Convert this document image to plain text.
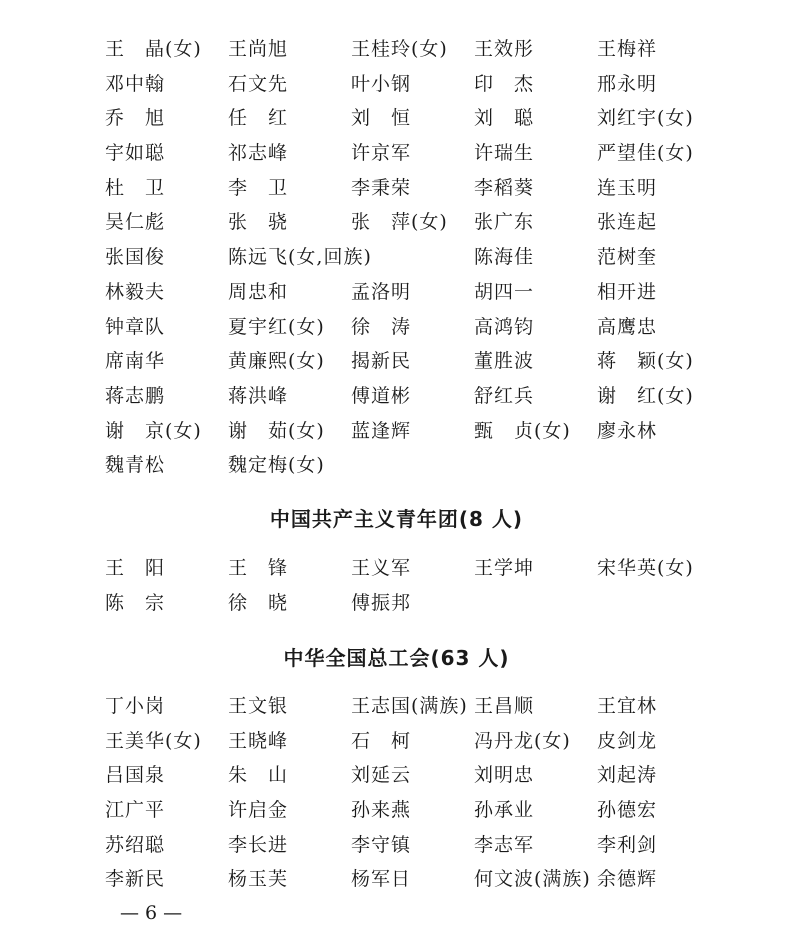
王　晶(女)	王尚旭	王桂玲(女)	王效彤	王梅祥
邓中翰	石文先	叶小钢	印　杰	邢永明
乔　旭	任　红	刘　恒	刘　聪	刘红宇(女)
宇如聪	祁志峰	许京军	许瑞生	严望佳(女)
杜　卫	李　卫	李秉荣	李稻葵	连玉明
吴仁彪	张　骁	张　萍(女)	张广东	张连起
张国俊	陈远飞(女,回族)	陈海佳	范树奎
林毅夫	周忠和	孟洛明	胡四一	相开进
钟章队	夏宇红(女)	徐　涛	高鸿钧	高鹰忠
席南华	黄廉熙(女)	揭新民	董胜波	蒋　颖(女)
蒋志鹏	蒋洪峰	傅道彬	舒红兵	谢　红(女)
谢　京(女)	谢　茹(女)	蓝逢辉	甄　贞(女)	廖永林
魏青松	魏定梅(女)
中国共产主义青年团(8 人)
王　阳	王　锋	王义军	王学坤	宋华英(女)
陈　宗	徐　晓	傅振邦
中华全国总工会(63 人)
丁小岗	王文银	王志国(满族) 王昌顺	王宜林
王美华(女)	王晓峰	石　柯	冯丹龙(女)	皮剑龙
吕国泉	朱　山	刘延云	刘明忠	刘起涛
江广平	许启金	孙来燕	孙承业	孙德宏
苏绍聪	李长进	李守镇	李志军	李利剑
李新民	杨玉芙	杨军日	何文波(满族) 余德辉
— 6 —
